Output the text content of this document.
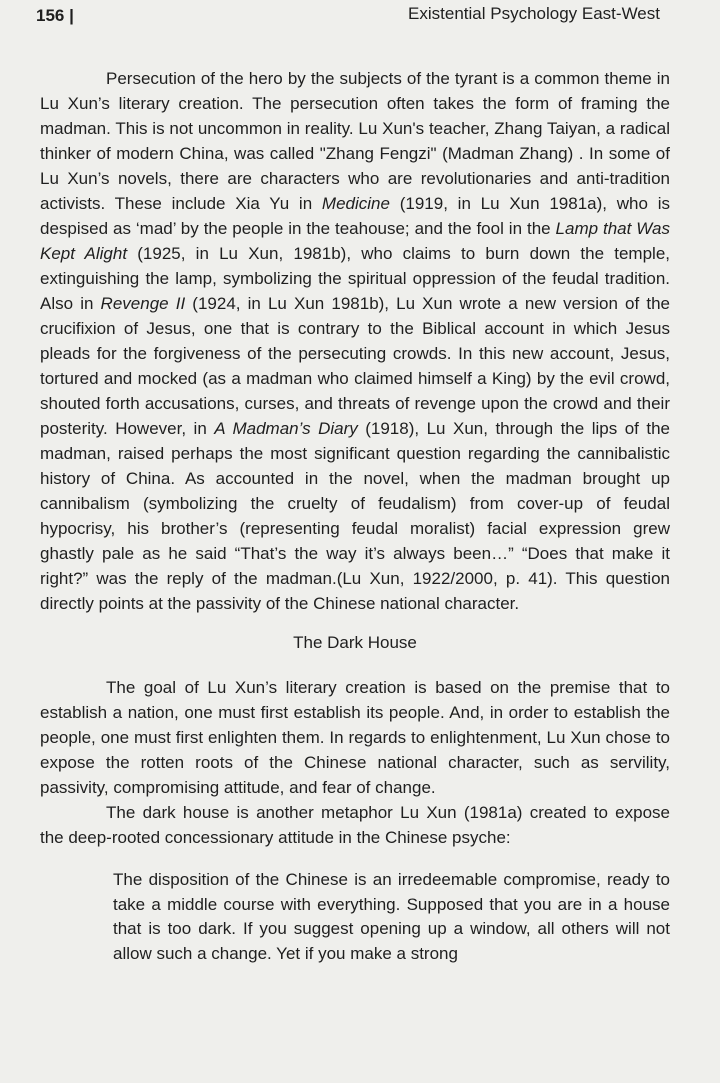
156 |	Existential Psychology East-West

Persecution of the hero by the subjects of the tyrant is a common theme in Lu Xun’s literary creation. The persecution often takes the form of framing the madman. This is not uncommon in reality. Lu Xun's teacher, Zhang Taiyan, a radical thinker of modern China, was called "Zhang Fengzi" (Madman Zhang) . In some of Lu Xun’s novels, there are characters who are revolutionaries and anti-tradition activists. These include Xia Yu in Medicine (1919, in Lu Xun 1981a), who is despised as ‘mad’ by the people in the teahouse; and the fool in the Lamp that Was Kept Alight (1925, in Lu Xun, 1981b), who claims to burn down the temple, extinguishing the lamp, symbolizing the spiritual oppression of the feudal tradition. Also in Revenge II (1924, in Lu Xun 1981b), Lu Xun wrote a new version of the crucifixion of Jesus, one that is contrary to the Biblical account in which Jesus pleads for the forgiveness of the persecuting crowds. In this new account, Jesus, tortured and mocked (as a madman who claimed himself a King) by the evil crowd, shouted forth accusations, curses, and threats of revenge upon the crowd and their posterity. However, in A Madman’s Diary (1918), Lu Xun, through the lips of the madman, raised perhaps the most significant question regarding the cannibalistic history of China. As accounted in the novel, when the madman brought up cannibalism (symbolizing the cruelty of feudalism) from cover-up of feudal hypocrisy, his brother’s (representing feudal moralist) facial expression grew ghastly pale as he said “That’s the way it’s always been…” “Does that make it right?” was the reply of the madman.(Lu Xun, 1922/2000, p. 41). This question directly points at the passivity of the Chinese national character.

The Dark House

The goal of Lu Xun’s literary creation is based on the premise that to establish a nation, one must first establish its people. And, in order to establish the people, one must first enlighten them. In regards to enlightenment, Lu Xun chose to expose the rotten roots of the Chinese national character, such as servility, passivity, compromising attitude, and fear of change.

The dark house is another metaphor Lu Xun (1981a) created to expose the deep-rooted concessionary attitude in the Chinese psyche:

The disposition of the Chinese is an irredeemable compromise, ready to take a middle course with everything. Supposed that you are in a house that is too dark. If you suggest opening up a window, all others will not allow such a change. Yet if you make a strong
